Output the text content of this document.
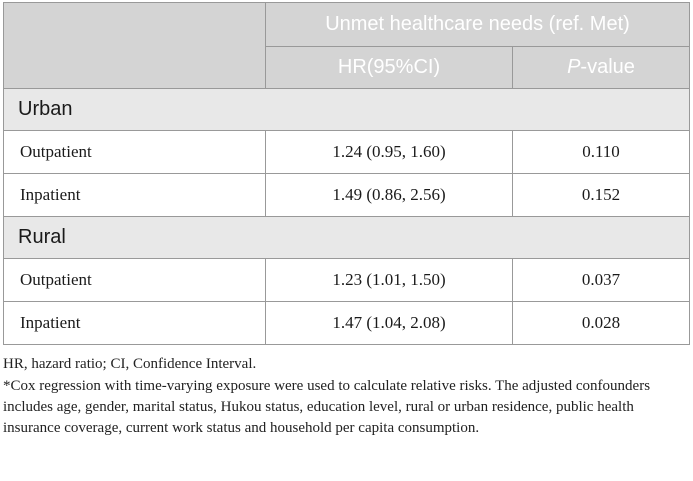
	Unmet healthcare needs (ref. Met)	
	HR(95%CI)	P-value
Urban		
Outpatient	1.24 (0.95, 1.60)	0.110
Inpatient	1.49 (0.86, 2.56)	0.152
Rural		
Outpatient	1.23 (1.01, 1.50)	0.037
Inpatient	1.47 (1.04, 2.08)	0.028

HR, hazard ratio; CI, Confidence Interval.

*Cox regression with time-varying exposure were used to calculate relative risks. The adjusted confounders includes age, gender, marital status, Hukou status, education level, rural or urban residence, public health insurance coverage, current work status and household per capita consumption.
